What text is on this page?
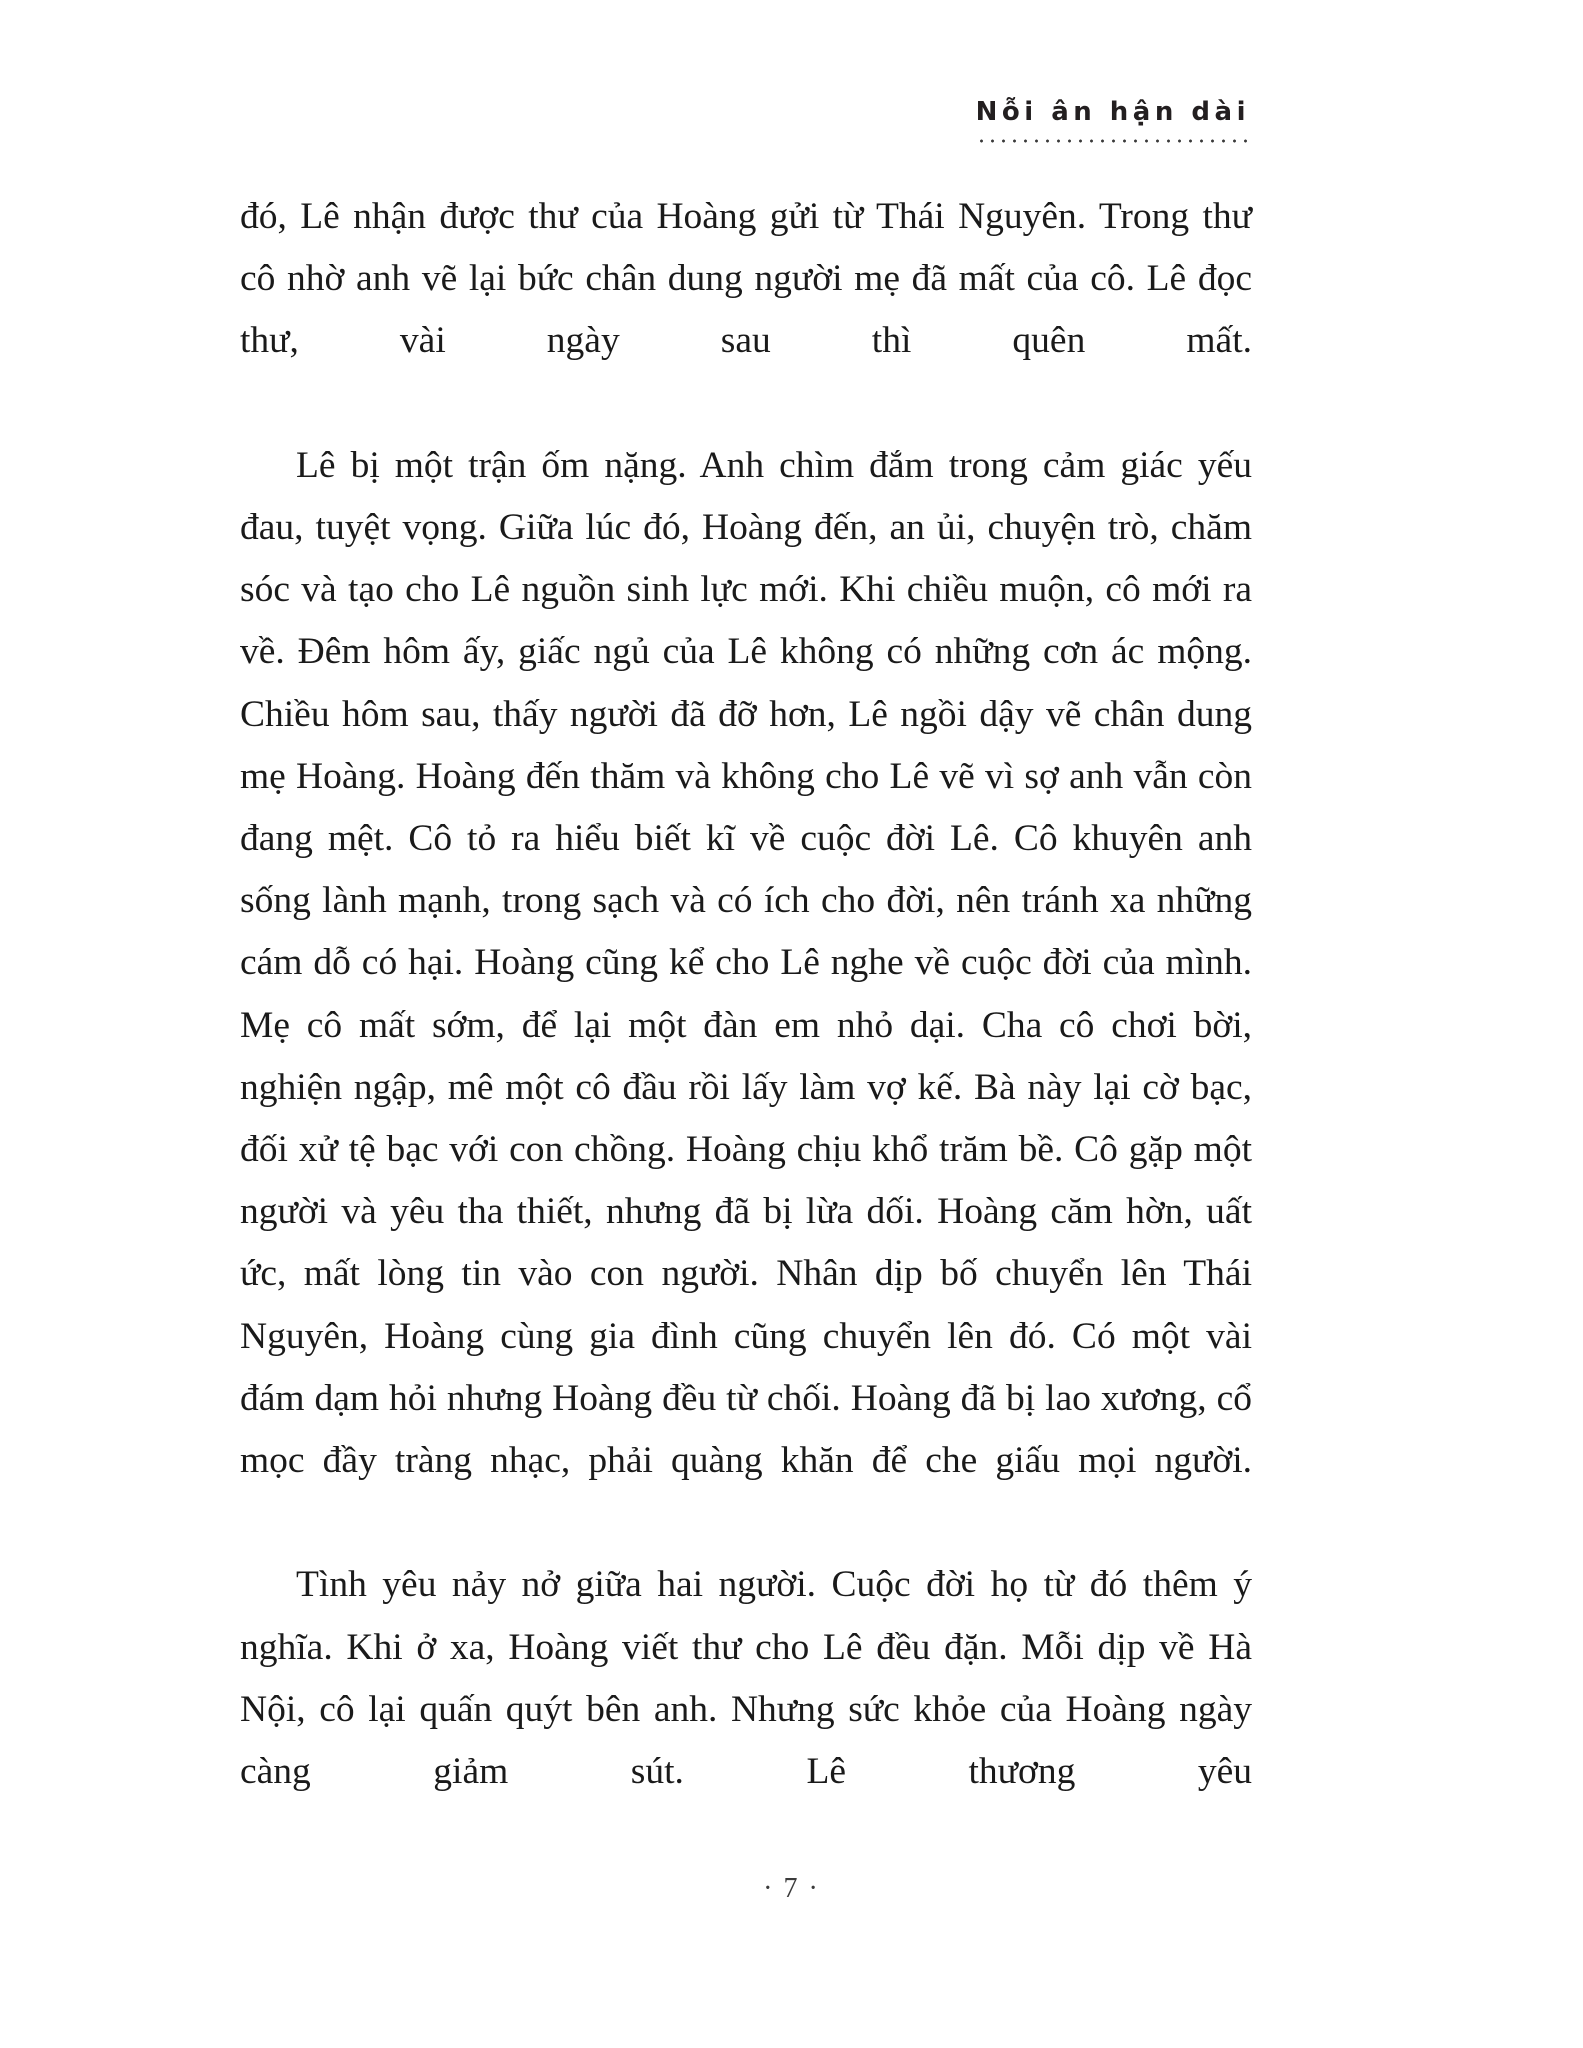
Nỗi ân hận dài

đó, Lê nhận được thư của Hoàng gửi từ Thái Nguyên. Trong thư cô nhờ anh vẽ lại bức chân dung người mẹ đã mất của cô. Lê đọc thư, vài ngày sau thì quên mất.

Lê bị một trận ốm nặng. Anh chìm đắm trong cảm giác yếu đau, tuyệt vọng. Giữa lúc đó, Hoàng đến, an ủi, chuyện trò, chăm sóc và tạo cho Lê nguồn sinh lực mới. Khi chiều muộn, cô mới ra về. Đêm hôm ấy, giấc ngủ của Lê không có những cơn ác mộng. Chiều hôm sau, thấy người đã đỡ hơn, Lê ngồi dậy vẽ chân dung mẹ Hoàng. Hoàng đến thăm và không cho Lê vẽ vì sợ anh vẫn còn đang mệt. Cô tỏ ra hiểu biết kĩ về cuộc đời Lê. Cô khuyên anh sống lành mạnh, trong sạch và có ích cho đời, nên tránh xa những cám dỗ có hại. Hoàng cũng kể cho Lê nghe về cuộc đời của mình. Mẹ cô mất sớm, để lại một đàn em nhỏ dại. Cha cô chơi bời, nghiện ngập, mê một cô đầu rồi lấy làm vợ kế. Bà này lại cờ bạc, đối xử tệ bạc với con chồng. Hoàng chịu khổ trăm bề. Cô gặp một người và yêu tha thiết, nhưng đã bị lừa dối. Hoàng căm hờn, uất ức, mất lòng tin vào con người. Nhân dịp bố chuyển lên Thái Nguyên, Hoàng cùng gia đình cũng chuyển lên đó. Có một vài đám dạm hỏi nhưng Hoàng đều từ chối. Hoàng đã bị lao xương, cổ mọc đầy tràng nhạc, phải quàng khăn để che giấu mọi người.

Tình yêu nảy nở giữa hai người. Cuộc đời họ từ đó thêm ý nghĩa. Khi ở xa, Hoàng viết thư cho Lê đều đặn. Mỗi dịp về Hà Nội, cô lại quấn quýt bên anh. Nhưng sức khỏe của Hoàng ngày càng giảm sút. Lê thương yêu

· 7 ·
